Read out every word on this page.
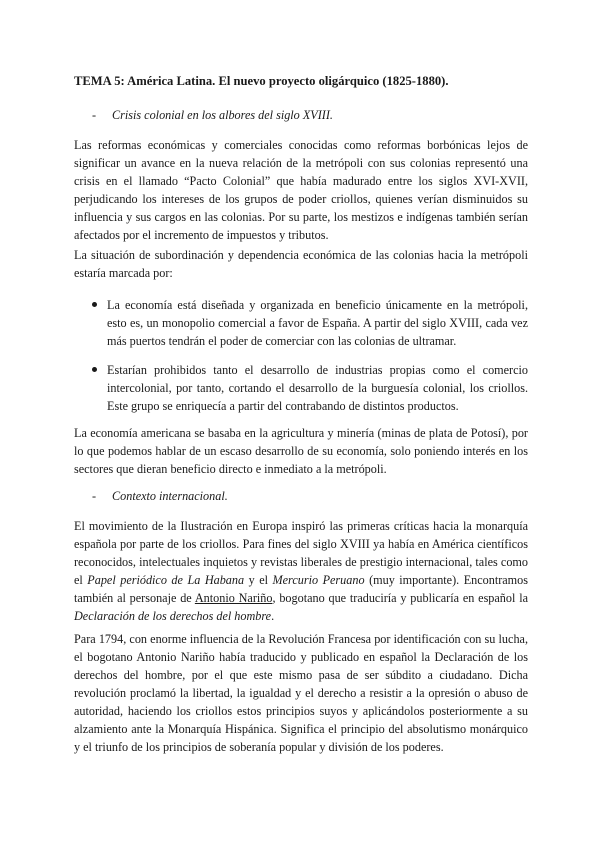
TEMA 5: América Latina. El nuevo proyecto oligárquico (1825-1880).
- Crisis colonial en los albores del siglo XVIII.

Las reformas económicas y comerciales conocidas como reformas borbónicas lejos de significar un avance en la nueva relación de la metrópoli con sus colonias representó una crisis en el llamado “Pacto Colonial” que había madurado entre los siglos XVI-XVII, perjudicando los intereses de los grupos de poder criollos, quienes verían disminuidos su influencia y sus cargos en las colonias. Por su parte, los mestizos e indígenas también serían afectados por el incremento de impuestos y tributos.

La situación de subordinación y dependencia económica de las colonias hacia la metrópoli estaría marcada por:

La economía está diseñada y organizada en beneficio únicamente en la metrópoli, esto es, un monopolio comercial a favor de España. A partir del siglo XVIII, cada vez más puertos tendrán el poder de comerciar con las colonias de ultramar.
Estarían prohibidos tanto el desarrollo de industrias propias como el comercio intercolonial, por tanto, cortando el desarrollo de la burguesía colonial, los criollos. Este grupo se enriquecía a partir del contrabando de distintos productos.

La economía americana se basaba en la agricultura y minería (minas de plata de Potosí), por lo que podemos hablar de un escaso desarrollo de su economía, solo poniendo interés en los sectores que dieran beneficio directo e inmediato a la metrópoli.

- Contexto internacional.

El movimiento de la Ilustración en Europa inspiró las primeras críticas hacia la monarquía española por parte de los criollos. Para fines del siglo XVIII ya había en América científicos reconocidos, intelectuales inquietos y revistas liberales de prestigio internacional, tales como el Papel periódico de La Habana y el Mercurio Peruano (muy importante). Encontramos también al personaje de Antonio Nariño, bogotano que traduciría y publicaría en español la Declaración de los derechos del hombre.

Para 1794, con enorme influencia de la Revolución Francesa por identificación con su lucha, el bogotano Antonio Nariño había traducido y publicado en español la Declaración de los derechos del hombre, por el que este mismo pasa de ser súbdito a ciudadano. Dicha revolución proclamó la libertad, la igualdad y el derecho a resistir a la opresión o abuso de autoridad, haciendo los criollos estos principios suyos y aplicándolos posteriormente a su alzamiento ante la Monarquía Hispánica. Significa el principio del absolutismo monárquico y el triunfo de los principios de soberanía popular y división de los poderes.
